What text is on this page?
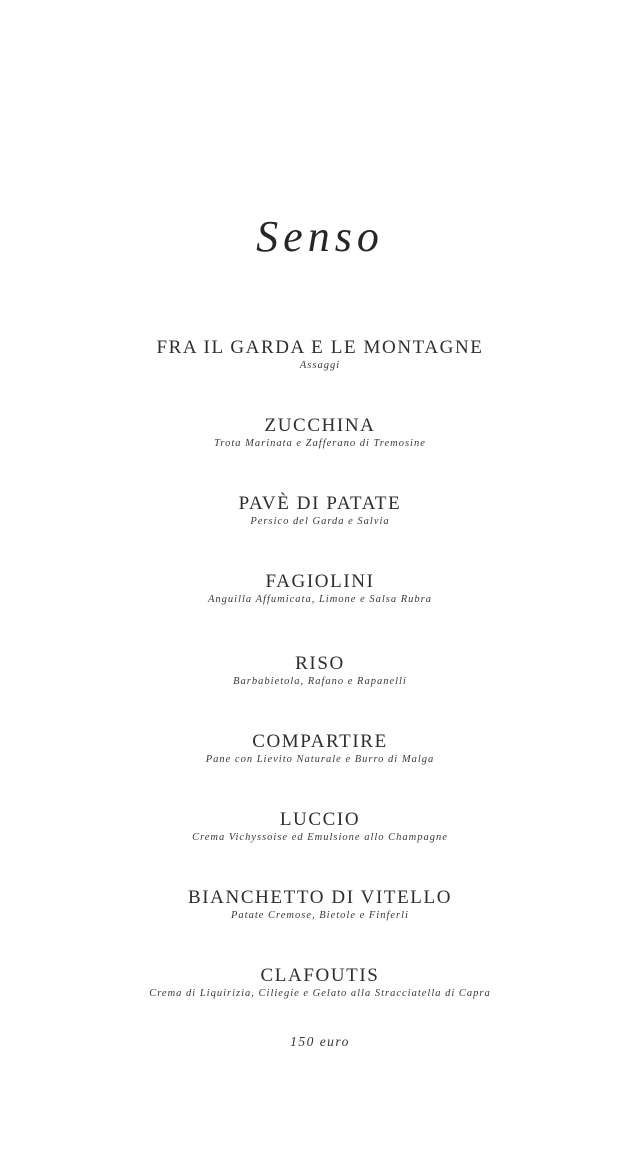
Senso
FRA IL GARDA E LE MONTAGNE
Assaggi
ZUCCHINA
Trota Marinata e Zafferano di Tremosine
PAVÈ DI PATATE
Persico del Garda e Salvia
FAGIOLINI
Anguilla Affumicata, Limone e Salsa Rubra
RISO
Barbabietola, Rafano e Rapanelli
COMPARTIRE
Pane con Lievito Naturale e Burro di Malga
LUCCIO
Crema Vichyssoise ed Emulsione allo Champagne
BIANCHETTO DI VITELLO
Patate Cremose, Bietole e Finferli
CLAFOUTIS
Crema di Liquirizia, Ciliegie e Gelato alla Stracciatella di Capra
150 euro
